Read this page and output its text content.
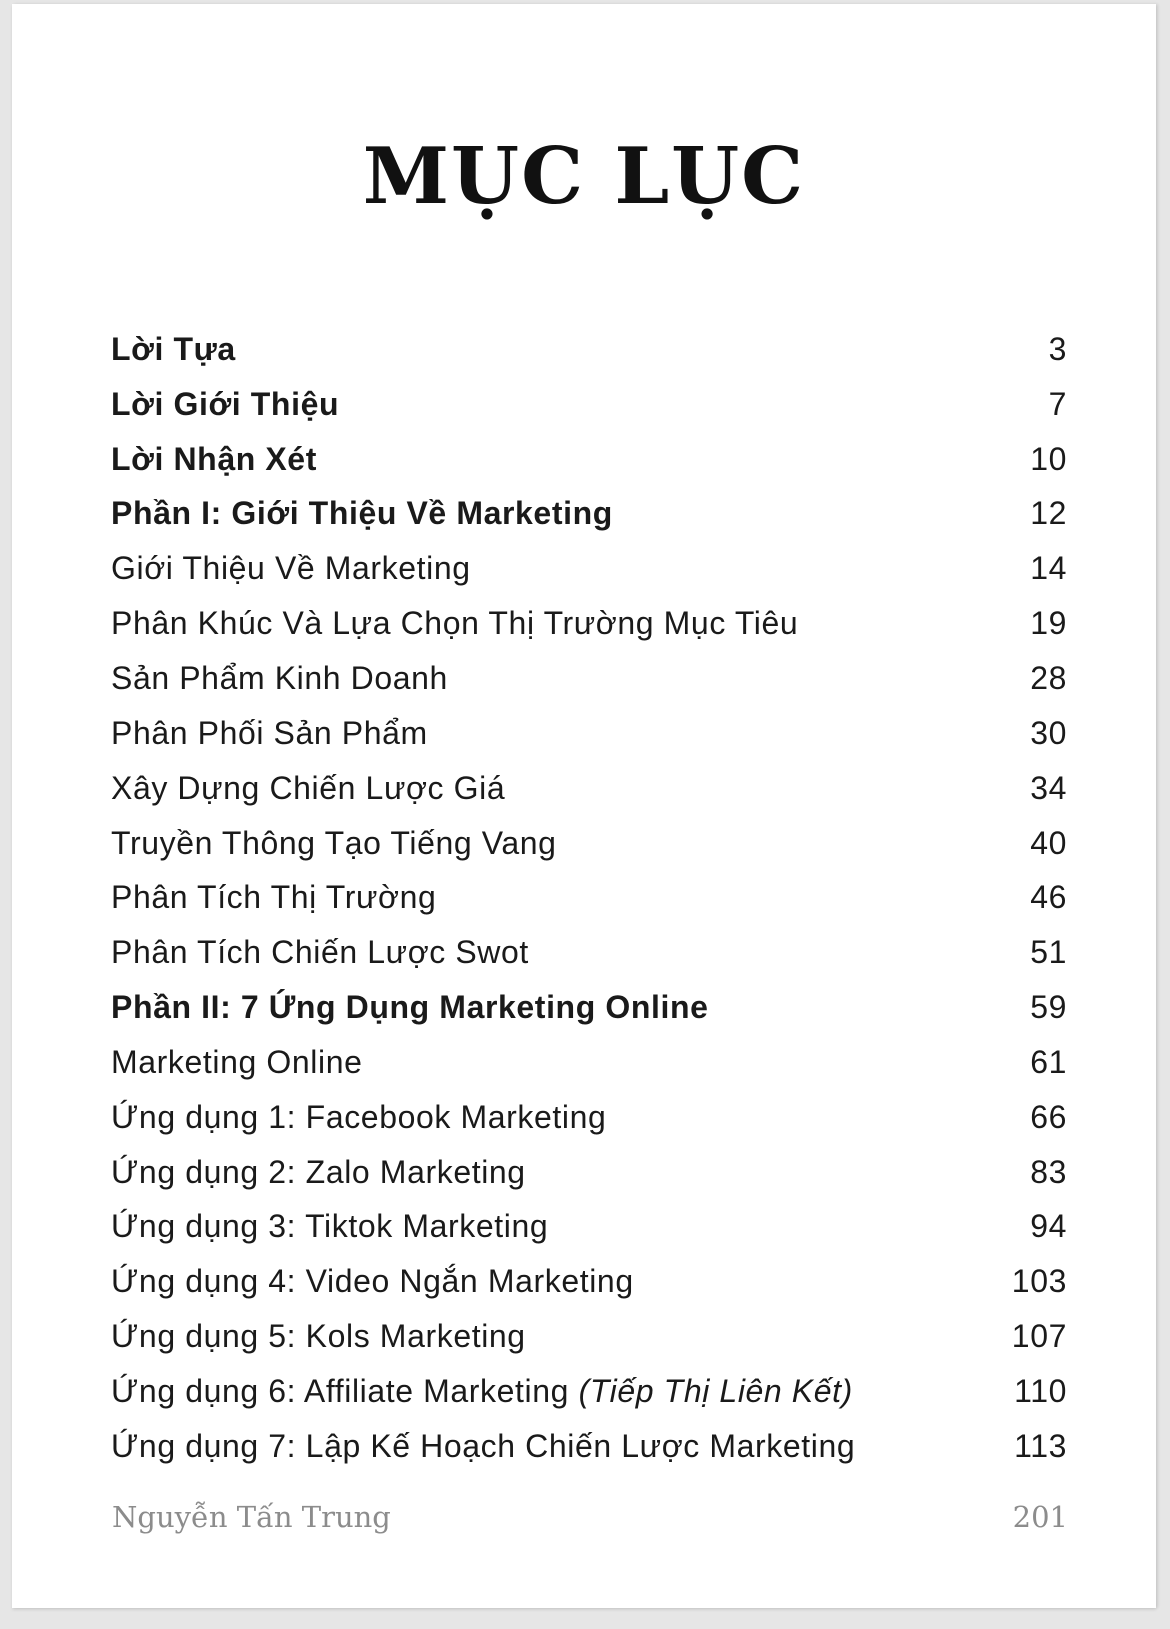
MỤC LỤC
Lời Tựa	3
Lời Giới Thiệu	7
Lời Nhận Xét	10
Phần I: Giới Thiệu Về Marketing	12
Giới Thiệu Về Marketing	14
Phân Khúc Và Lựa Chọn Thị Trường Mục Tiêu	19
Sản Phẩm Kinh Doanh	28
Phân Phối Sản Phẩm	30
Xây Dựng Chiến Lược Giá	34
Truyền Thông Tạo Tiếng Vang	40
Phân Tích Thị Trường	46
Phân Tích Chiến Lược Swot	51
Phần II: 7 Ứng Dụng Marketing Online	59
Marketing Online	61
Ứng dụng 1: Facebook Marketing	66
Ứng dụng 2: Zalo Marketing	83
Ứng dụng 3: Tiktok Marketing	94
Ứng dụng 4: Video Ngắn Marketing	103
Ứng dụng 5: Kols Marketing	107
Ứng dụng 6: Affiliate Marketing (Tiếp Thị Liên Kết)	110
Ứng dụng 7: Lập Kế Hoạch Chiến Lược Marketing	113
Nguyễn Tấn Trung	201
